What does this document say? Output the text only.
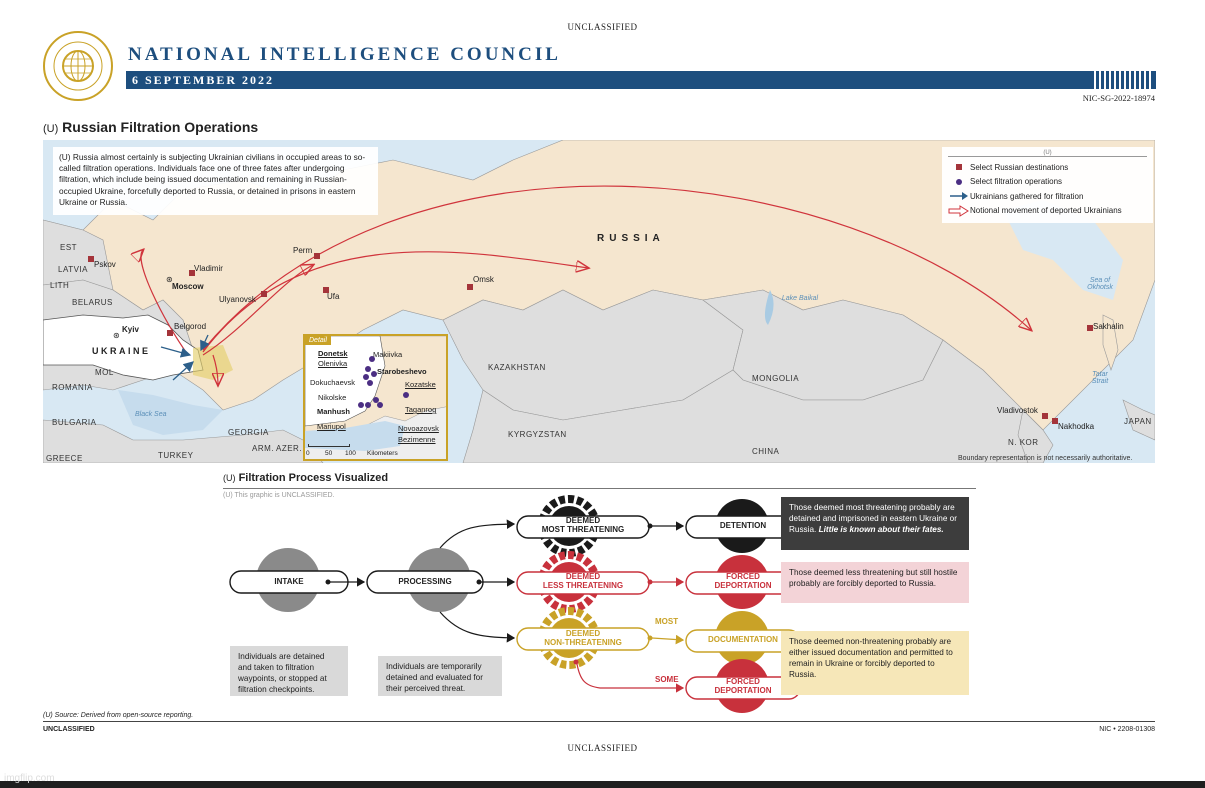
UNCLASSIFIED
NATIONAL INTELLIGENCE COUNCIL
6 SEPTEMBER 2022
NIC-SG-2022-18974
(U) Russian Filtration Operations
RUSSIA
UKRAINE
EST
LATVIA
LITH
BELARUS
ROMANIA
MOL
BULGARIA
GREECE	TURKEY
GEORGIA
ARM. AZER.
KAZAKHSTAN
KYRGYZSTAN
MONGOLIA
CHINA
N. KOR
JAPAN
Black Sea
Lake Baikal
Sea of Okhotsk
Tatar Strait
Pskov	Vladimir
⊛
Moscow
Perm
Ulyanovsk	Ufa
Omsk
Belgorod
⊛
Kyiv	Sakhalin
Vladivostok
Nakhodka
(U) Russia almost certainly is subjecting Ukrainian civilians in occupied areas to so-called filtration operations. Individuals face one of three fates after undergoing filtration, which include being issued documentation and remaining in Russian-occupied Ukraine, forcefully deported to Russia, or detained in prisons in eastern Ukraine or Russia.
(U)
Select Russian destinations
Select filtration operations
Ukrainians gathered for filtration
Notional movement of deported Ukrainians
Detail
Donetsk
Olenivka
Makiivka
Starobeshevo
Dokuchaevsk	Kozatske
Nikolske
Manhush	Taganrog
Mariupol	Novoazovsk
Bezimenne
0 50 100 Kilometers
Boundary representation is not necessarily authoritative.
(U) Filtration Process Visualized
(U) This graphic is UNCLASSIFIED.
INTAKE	PROCESSING
DEEMED
MOST THREATENING
DEEMED
LESS THREATENING
DEEMED
NON-THREATENING
DETENTION
FORCED
DEPORTATION
DOCUMENTATION
FORCED
DEPORTATION
MOST
SOME
Individuals are detained and taken to filtration waypoints, or stopped at filtration checkpoints.
Individuals are temporarily detained and evaluated for their perceived threat.
Those deemed most threatening probably are detained and imprisoned in eastern Ukraine or Russia. Little is known about their fates.
Those deemed less threatening but still hostile probably are forcibly deported to Russia.
Those deemed non-threatening probably are either issued documentation and permitted to remain in Ukraine or forcibly deported to Russia.
(U) Source: Derived from open-source reporting.
UNCLASSIFIED	NIC • 2208-01308
UNCLASSIFIED
imgflip.com
